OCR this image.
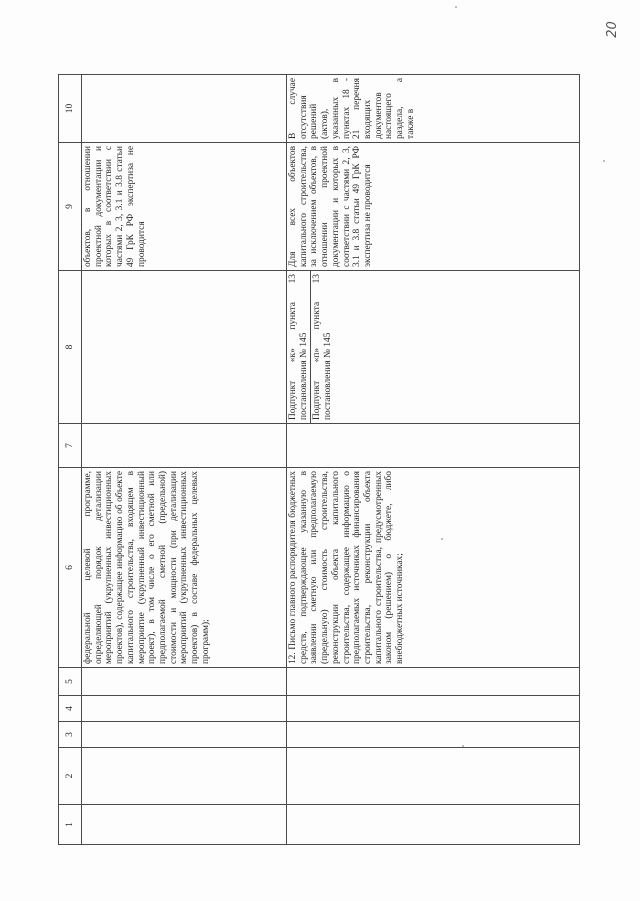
20
1	2	3	4	5	6	7	8	9	10

					федеральной целевой программе, определяющей порядок детализации мероприятий (укрупненных инвестиционных проектов), содержащее информацию об объекте капитального строительства, входящем в мероприятие (укрупненный инвестиционный проект), в том числе о его сметной или предполагаемой сметной (предельной) стоимости и мощности (при детализации мероприятий (укрупненных инвестиционных проектов) в составе федеральных целевых программ);			объектов, в отношении проектной документации и которых в соответствии с частями 2, 3, 3.1 и 3.8 статьи 49 ГрК РФ экспертиза не проводится	

					12. Письмо главного распорядителя бюджетных средств, подтверждающее указанную в заявлении сметную или предполагаемую (предельную) стоимость строительства, реконструкции объекта капитального строительства, содержащее информацию о предполагаемых источниках финансирования строительства, реконструкции объекта капитального строительства, предусмотренных законом (решением) о бюджете, либо внебюджетных источниках;		Подпункт «к» пункта 13 постановления № 145 Подпункт «п» пункта 13 постановления № 145	Для всех объектов капитального строительства, за исключением объектов, в отношении проектной документации и которых в соответствии с частями 2, 3, 3.1 и 3.8 статьи 49 ГрК РФ экспертиза не проводится	В случае отсутствия решений (актов), указанных в пунктах 18 - 21 перечня входящих документов настоящего раздела, а также в
